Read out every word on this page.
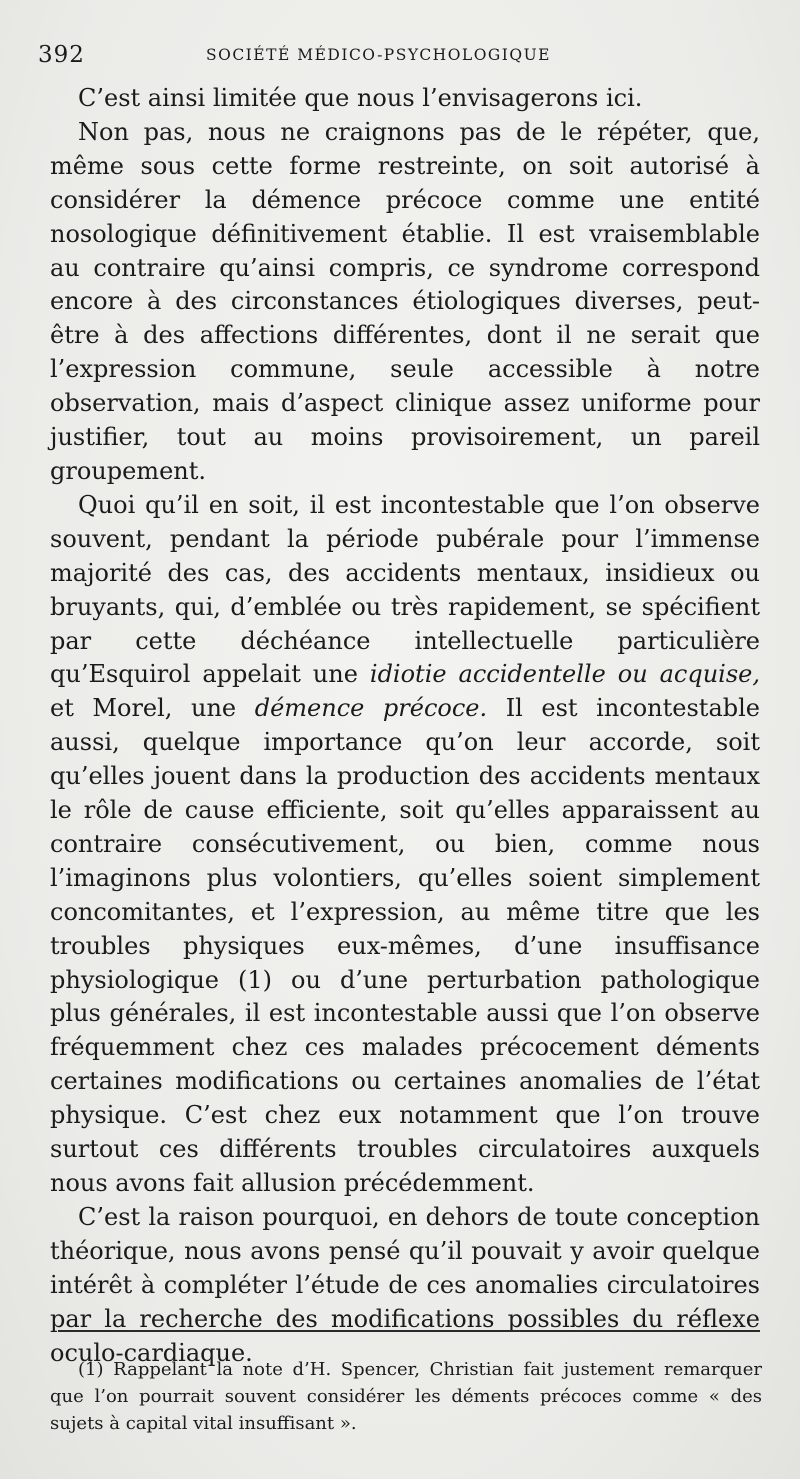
392	SOCIÉTÉ MÉDICO-PSYCHOLOGIQUE

C’est ainsi limitée que nous l’envisagerons ici.

Non pas, nous ne craignons pas de le répéter, que, même sous cette forme restreinte, on soit autorisé à considérer la démence précoce comme une entité nosologique définitivement établie. Il est vraisemblable au contraire qu’ainsi compris, ce syndrome correspond encore à des circonstances étiologiques diverses, peut-être à des affections différentes, dont il ne serait que l’expression commune, seule accessible à notre observation, mais d’aspect clinique assez uniforme pour justifier, tout au moins provisoirement, un pareil groupement.

Quoi qu’il en soit, il est incontestable que l’on observe souvent, pendant la période pubérale pour l’immense majorité des cas, des accidents mentaux, insidieux ou bruyants, qui, d’emblée ou très rapidement, se spécifient par cette déchéance intellectuelle particulière qu’Esquirol appelait une idiotie accidentelle ou acquise, et Morel, une démence précoce. Il est incontestable aussi, quelque importance qu’on leur accorde, soit qu’elles jouent dans la production des accidents mentaux le rôle de cause efficiente, soit qu’elles apparaissent au contraire consécutivement, ou bien, comme nous l’imaginons plus volontiers, qu’elles soient simplement concomitantes, et l’expression, au même titre que les troubles physiques eux-mêmes, d’une insuffisance physiologique (1) ou d’une perturbation pathologique plus générales, il est incontestable aussi que l’on observe fréquemment chez ces malades précocement déments certaines modifications ou certaines anomalies de l’état physique. C’est chez eux notamment que l’on trouve surtout ces différents troubles circulatoires auxquels nous avons fait allusion précédemment.

C’est la raison pourquoi, en dehors de toute conception théorique, nous avons pensé qu’il pouvait y avoir quelque intérêt à compléter l’étude de ces anomalies circulatoires par la recherche des modifications possibles du réflexe oculo-cardiaque.

(1) Rappelant la note d’H. Spencer, Christian fait justement remarquer que l’on pourrait souvent considérer les déments précoces comme « des sujets à capital vital insuffisant ».
